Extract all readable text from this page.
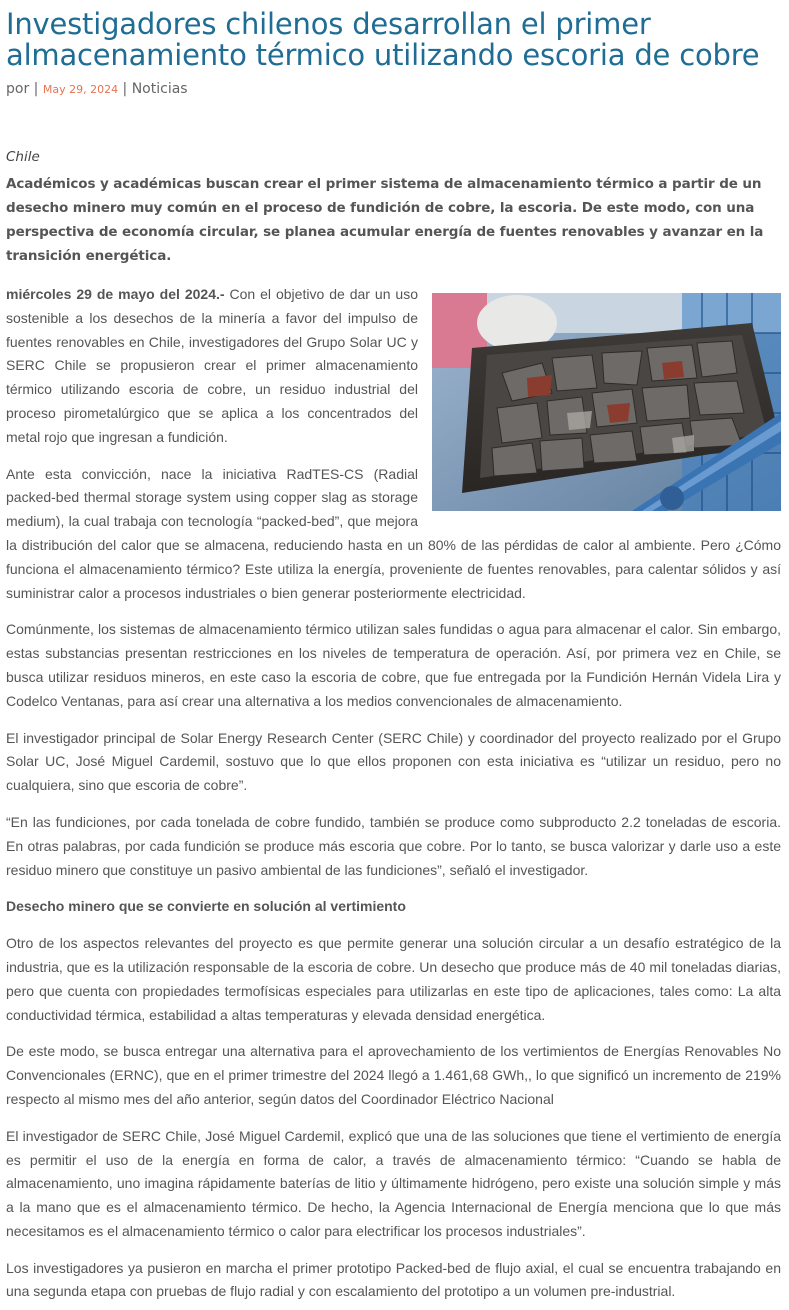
Investigadores chilenos desarrollan el primer almacenamiento térmico utilizando escoria de cobre
por | May 29, 2024 | Noticias
Chile
Académicos y académicas buscan crear el primer sistema de almacenamiento térmico a partir de un desecho minero muy común en el proceso de fundición de cobre, la escoria. De este modo, con una perspectiva de economía circular, se planea acumular energía de fuentes renovables y avanzar en la transición energética.

miércoles 29 de mayo del 2024.- Con el objetivo de dar un uso sostenible a los desechos de la minería a favor del impulso de fuentes renovables en Chile, investigadores del Grupo Solar UC y SERC Chile se propusieron crear el primer almacenamiento térmico utilizando escoria de cobre, un residuo industrial del proceso pirometalúrgico que se aplica a los concentrados del metal rojo que ingresan a fundición.

Ante esta convicción, nace la iniciativa RadTES-CS (Radial packed-bed thermal storage system using copper slag as storage medium), la cual trabaja con tecnología “packed-bed”, que mejora la distribución del calor que se almacena, reduciendo hasta en un 80% de las pérdidas de calor al ambiente. Pero ¿Cómo funciona el almacenamiento térmico? Este utiliza la energía, proveniente de fuentes renovables, para calentar sólidos y así suministrar calor a procesos industriales o bien generar posteriormente electricidad.

Comúnmente, los sistemas de almacenamiento térmico utilizan sales fundidas o agua para almacenar el calor. Sin embargo, estas substancias presentan restricciones en los niveles de temperatura de operación. Así, por primera vez en Chile, se busca utilizar residuos mineros, en este caso la escoria de cobre, que fue entregada por la Fundición Hernán Videla Lira y Codelco Ventanas, para así crear una alternativa a los medios convencionales de almacenamiento.

El investigador principal de Solar Energy Research Center (SERC Chile) y coordinador del proyecto realizado por el Grupo Solar UC, José Miguel Cardemil, sostuvo que lo que ellos proponen con esta iniciativa es “utilizar un residuo, pero no cualquiera, sino que escoria de cobre”.

“En las fundiciones, por cada tonelada de cobre fundido, también se produce como subproducto 2.2 toneladas de escoria. En otras palabras, por cada fundición se produce más escoria que cobre. Por lo tanto, se busca valorizar y darle uso a este residuo minero que constituye un pasivo ambiental de las fundiciones”, señaló el investigador.

Desecho minero que se convierte en solución al vertimiento

Otro de los aspectos relevantes del proyecto es que permite generar una solución circular a un desafío estratégico de la industria, que es la utilización responsable de la escoria de cobre. Un desecho que produce más de 40 mil toneladas diarias, pero que cuenta con propiedades termofísicas especiales para utilizarlas en este tipo de aplicaciones, tales como: La alta conductividad térmica, estabilidad a altas temperaturas y elevada densidad energética.

De este modo, se busca entregar una alternativa para el aprovechamiento de los vertimientos de Energías Renovables No Convencionales (ERNC), que en el primer trimestre del 2024 llegó a 1.461,68 GWh,, lo que significó un incremento de 219% respecto al mismo mes del año anterior, según datos del Coordinador Eléctrico Nacional

El investigador de SERC Chile, José Miguel Cardemil, explicó que una de las soluciones que tiene el vertimiento de energía es permitir el uso de la energía en forma de calor, a través de almacenamiento térmico: “Cuando se habla de almacenamiento, uno imagina rápidamente baterías de litio y últimamente hidrógeno, pero existe una solución simple y más a la mano que es el almacenamiento térmico. De hecho, la Agencia Internacional de Energía menciona que lo que más necesitamos es el almacenamiento térmico o calor para electrificar los procesos industriales”.

Los investigadores ya pusieron en marcha el primer prototipo Packed-bed de flujo axial, el cual se encuentra trabajando en una segunda etapa con pruebas de flujo radial y con escalamiento del prototipo a un volumen pre-industrial.
